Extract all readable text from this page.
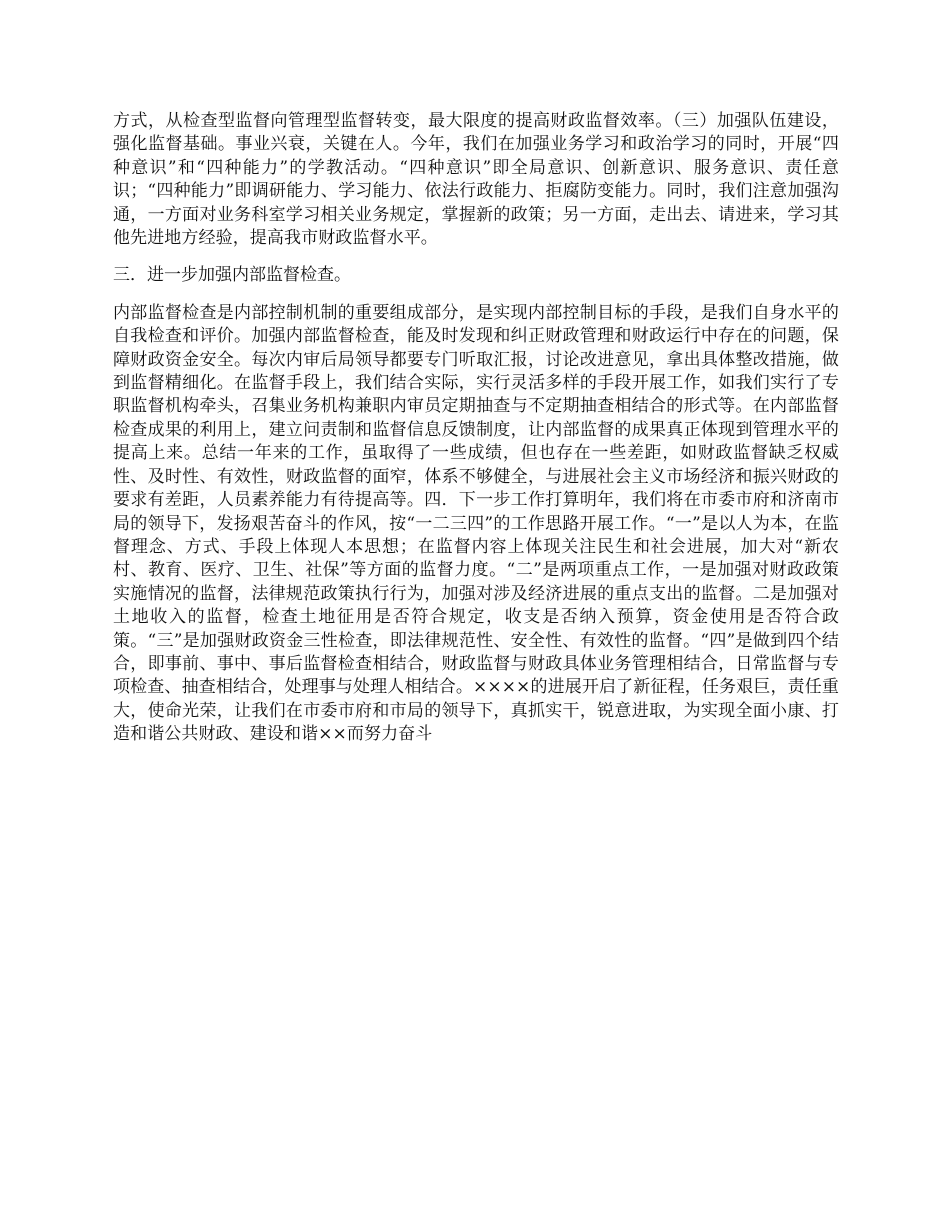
方式，从检查型监督向管理型监督转变，最大限度的提高财政监督效率。（三）加强队伍建设，强化监督基础。事业兴衰，关键在人。今年，我们在加强业务学习和政治学习的同时，开展“四种意识”和“四种能力”的学教活动。“四种意识”即全局意识、创新意识、服务意识、责任意识；“四种能力”即调研能力、学习能力、依法行政能力、拒腐防变能力。同时，我们注意加强沟通，一方面对业务科室学习相关业务规定，掌握新的政策；另一方面，走出去、请进来，学习其他先进地方经验，提高我市财政监督水平。

三．进一步加强内部监督检查。

内部监督检查是内部控制机制的重要组成部分，是实现内部控制目标的手段，是我们自身水平的自我检查和评价。加强内部监督检查，能及时发现和纠正财政管理和财政运行中存在的问题，保障财政资金安全。每次内审后局领导都要专门听取汇报，讨论改进意见，拿出具体整改措施，做到监督精细化。在监督手段上，我们结合实际，实行灵活多样的手段开展工作，如我们实行了专职监督机构牵头，召集业务机构兼职内审员定期抽查与不定期抽查相结合的形式等。在内部监督检查成果的利用上，建立问责制和监督信息反馈制度，让内部监督的成果真正体现到管理水平的提高上来。总结一年来的工作，虽取得了一些成绩，但也存在一些差距，如财政监督缺乏权威性、及时性、有效性，财政监督的面窄，体系不够健全，与进展社会主义市场经济和振兴财政的要求有差距，人员素养能力有待提高等。四．下一步工作打算明年，我们将在市委市府和济南市局的领导下，发扬艰苦奋斗的作风，按“一二三四”的工作思路开展工作。“一”是以人为本，在监督理念、方式、手段上体现人本思想；在监督内容上体现关注民生和社会进展，加大对“新农村、教育、医疗、卫生、社保”等方面的监督力度。“二”是两项重点工作，一是加强对财政政策实施情况的监督，法律规范政策执行行为，加强对涉及经济进展的重点支出的监督。二是加强对土地收入的监督，检查土地征用是否符合规定，收支是否纳入预算，资金使用是否符合政策。“三”是加强财政资金三性检查，即法律规范性、安全性、有效性的监督。“四”是做到四个结合，即事前、事中、事后监督检查相结合，财政监督与财政具体业务管理相结合，日常监督与专项检查、抽查相结合，处理事与处理人相结合。××××的进展开启了新征程，任务艰巨，责任重大，使命光荣，让我们在市委市府和市局的领导下，真抓实干，锐意进取，为实现全面小康、打造和谐公共财政、建设和谐××而努力奋斗
